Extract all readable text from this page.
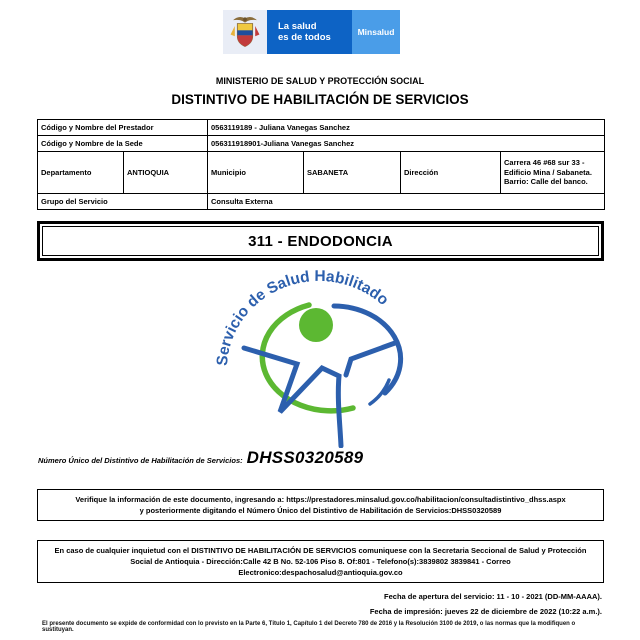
La salud
es de todos	Minsalud
MINISTERIO DE SALUD Y PROTECCIÓN SOCIAL
DISTINTIVO DE HABILITACIÓN DE SERVICIOS
Código y Nombre del Prestador		0563119189 - Juliana Vanegas Sanchez			
Código y Nombre de la Sede		056311918901-Juliana Vanegas Sanchez			
Departamento	ANTIOQUIA	Municipio	SABANETA	Dirección	Carrera 46 #68 sur 33 - Edificio Mina / Sabaneta. Barrio: Calle del banco.
Grupo del Servicio		Consulta Externa			
311 - ENDODONCIA
Servicio de Salud Habilitado
Número Único del Distintivo de Habilitación de Servicios: DHSS0320589
Verifique la información de este documento, ingresando a: https://prestadores.minsalud.gov.co/habilitacion/consultadistintivo_dhss.aspx
y posteriormente digitando el Número Único del Distintivo de Habilitación de Servicios:DHSS0320589
En caso de cualquier inquietud con el DISTINTIVO DE HABILITACIÓN DE SERVICIOS comuniquese con la Secretaria Seccional de Salud y Protección Social de Antioquia - Dirección:Calle 42 B No. 52-106 Piso 8. Of:801 - Telefono(s):3839802 3839841 - Correo Electronico:despachosalud@antioquia.gov.co
Fecha de apertura del servicio: 11 - 10 - 2021 (DD-MM-AAAA).
Fecha de impresión: jueves 22 de diciembre de 2022 (10:22 a.m.).
El presente documento se expide de conformidad con lo previsto en la Parte 6, Título 1, Capítulo 1 del Decreto 780 de 2016 y la Resolución 3100 de 2019, o las normas que la modifiquen o sustituyan.
